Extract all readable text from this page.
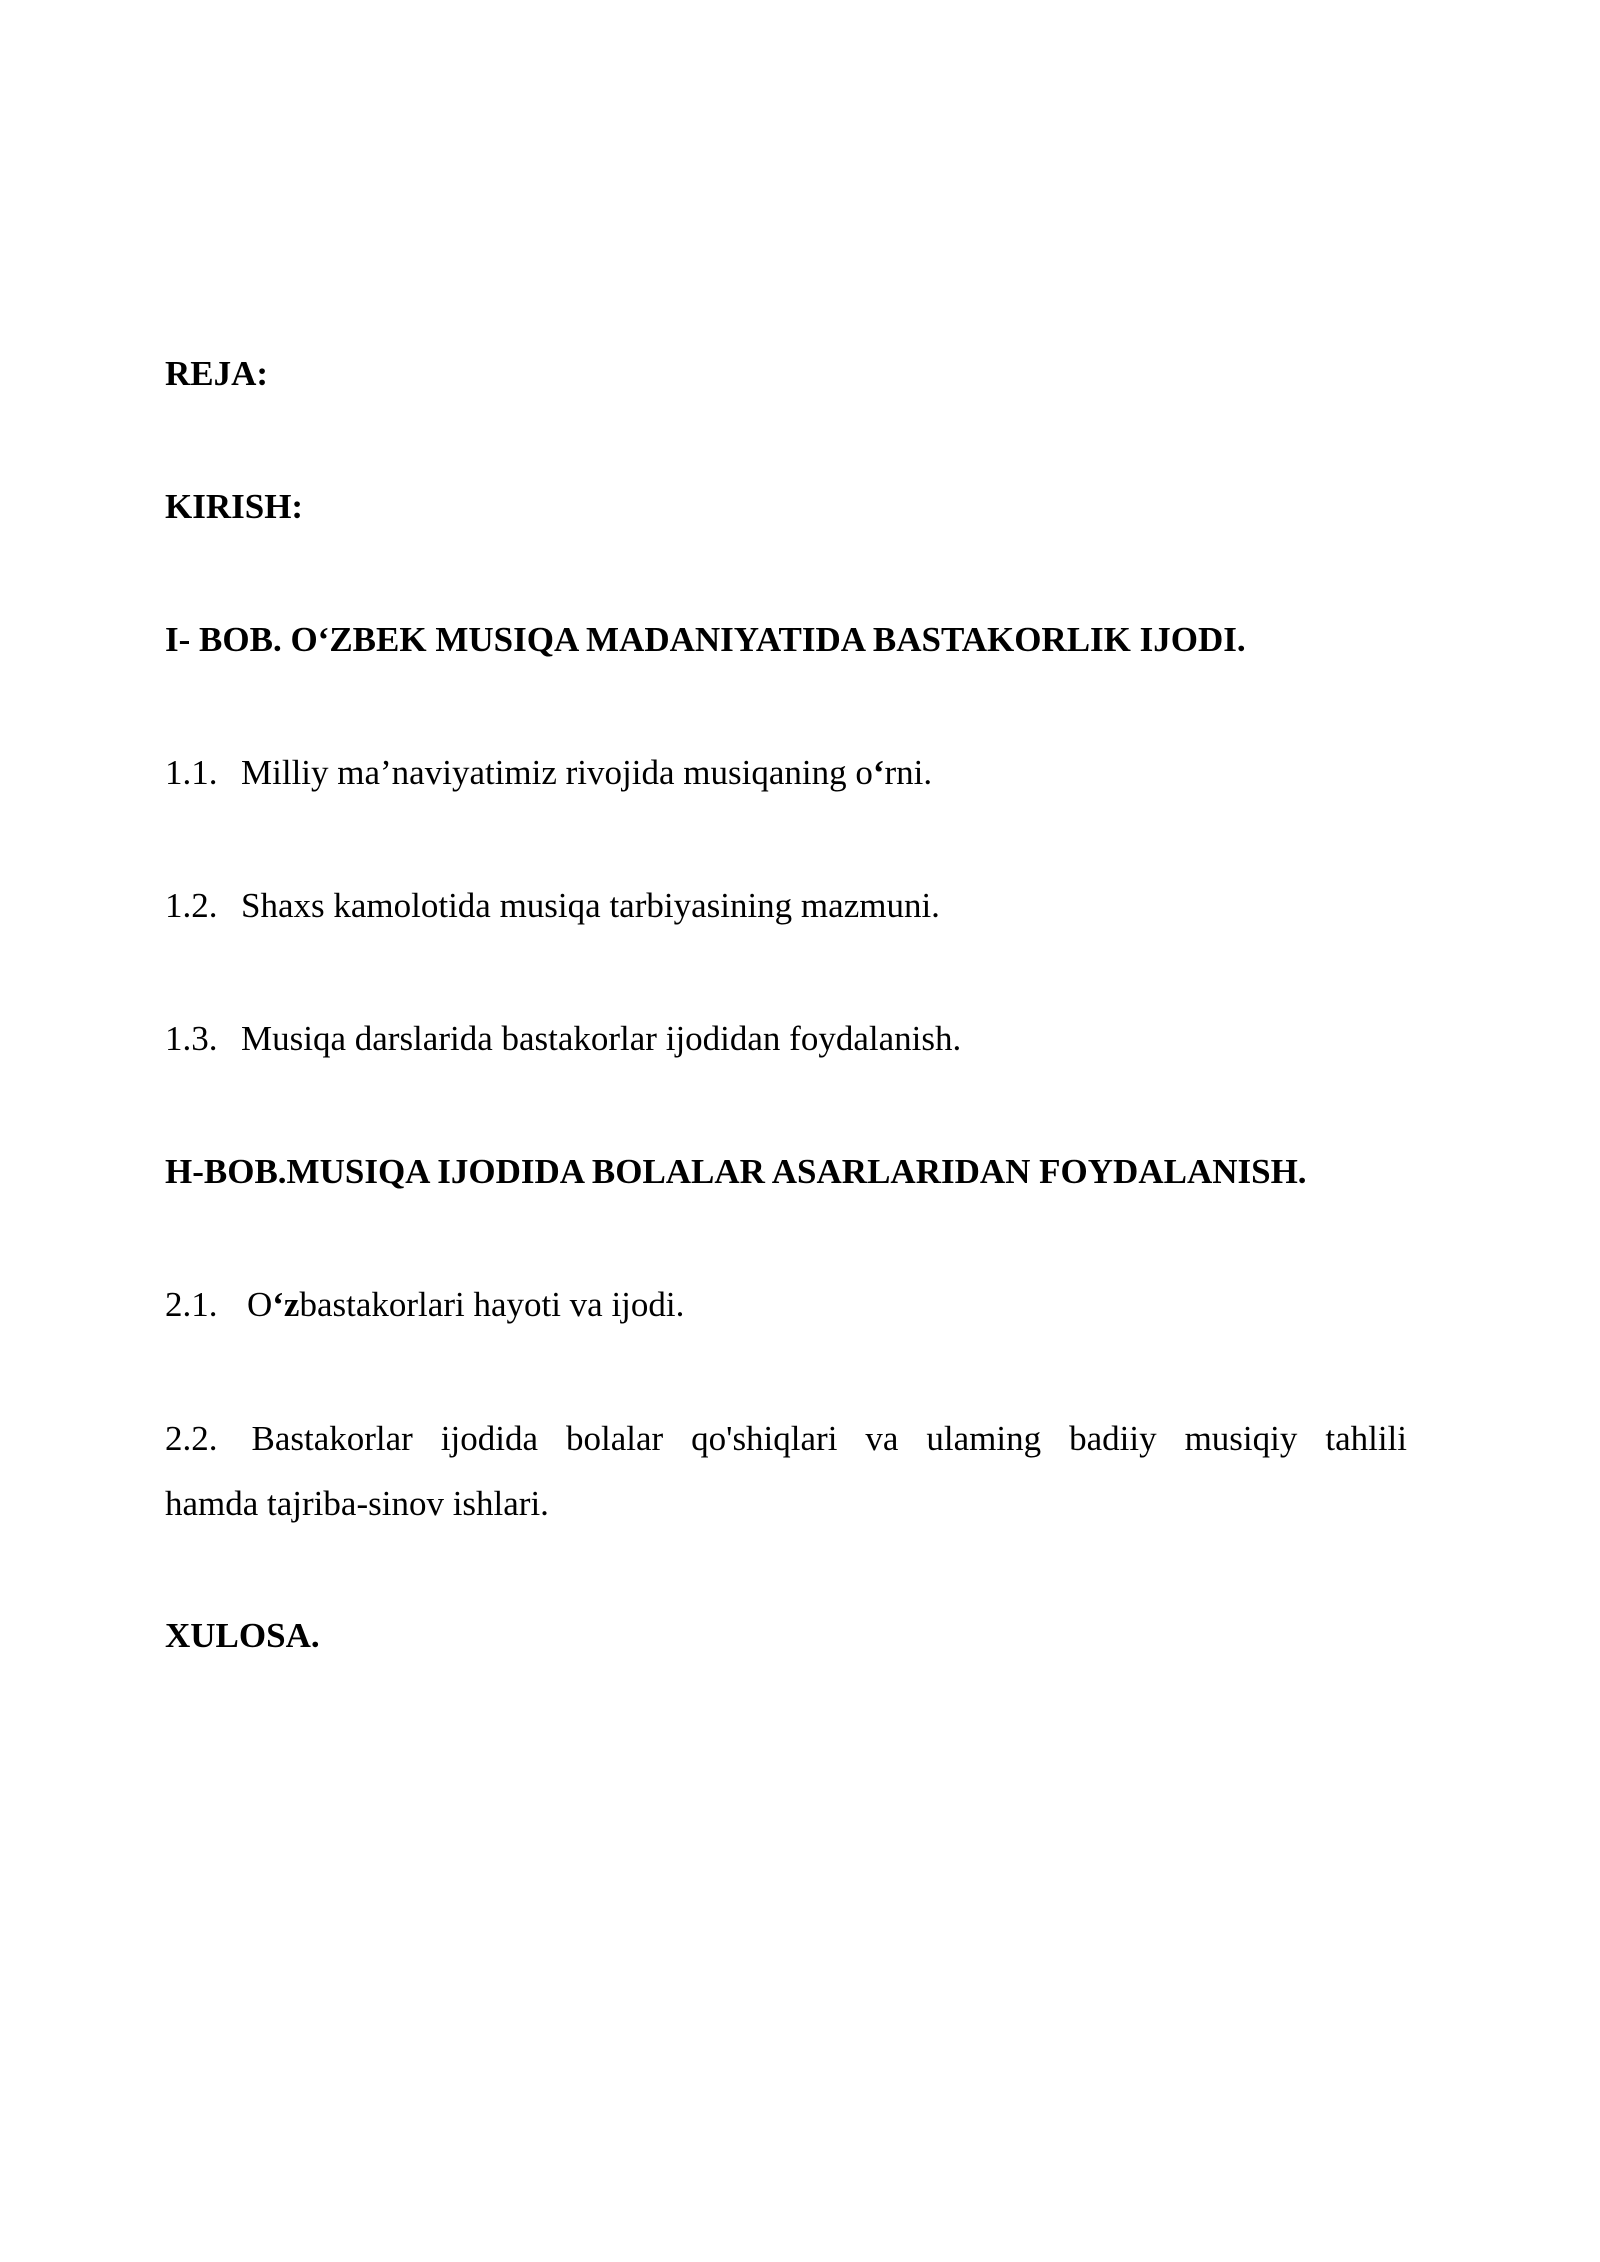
REJA:
KIRISH:
I- BOB. O‘ZBEK MUSIQA MADANIYATIDA BASTAKORLIK IJODI.
1.1. Milliy ma’naviyatimiz rivojida musiqaning o‘rni.
1.2. Shaxs kamolotida musiqa tarbiyasining mazmuni.
1.3. Musiqa darslarida bastakorlar ijodidan foydalanish.
H-BOB.MUSIQA IJODIDA BOLALAR ASARLARIDAN FOYDALANISH.
2.1. O‘zbastakorlari hayoti va ijodi.
2.2. Bastakorlar ijodida bolalar qo'shiqlari va ulaming badiiy musiqiy tahlili
hamda tajriba-sinov ishlari.
XULOSA.
